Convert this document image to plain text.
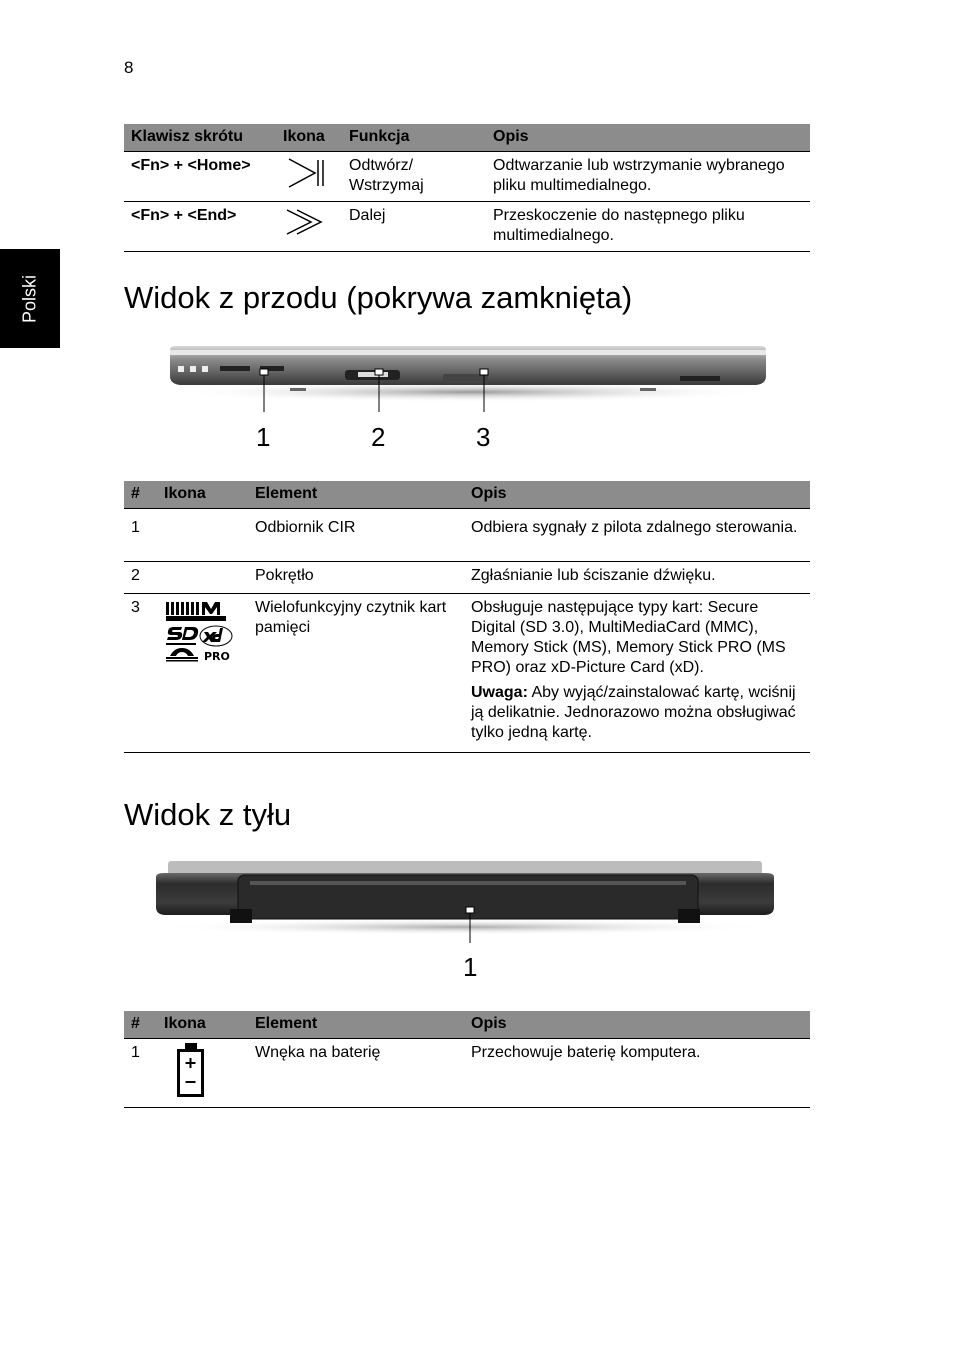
8
Polski
Klawisz skrótu	Ikona	Funkcja	Opis
<Fn> + <Home>		Odtwórz/ Wstrzymaj	Odtwarzanie lub wstrzymanie wybranego pliku multimedialnego.
<Fn> + <End>		Dalej	Przeskoczenie do następnego pliku multimedialnego.
Widok z przodu (pokrywa zamknięta)
1	2	3
#	Ikona	Element	Opis
1		Odbiornik CIR	Odbiera sygnały z pilota zdalnego sterowania.
2		Pokrętło	Zgłaśnianie lub ściszanie dźwięku.
3	PRO	Wielofunkcyjny czytnik kart pamięci	Obsługuje następujące typy kart: Secure Digital (SD 3.0), MultiMediaCard (MMC), Memory Stick (MS), Memory Stick PRO (MS PRO) oraz xD-Picture Card (xD).
Uwaga: Aby wyjąć/zainstalować kartę, wciśnij ją delikatnie. Jednorazowo można obsługiwać tylko jedną kartę.
Widok z tyłu
1
#	Ikona	Element	Opis
1		Wnęka na baterię	Przechowuje baterię komputera.
